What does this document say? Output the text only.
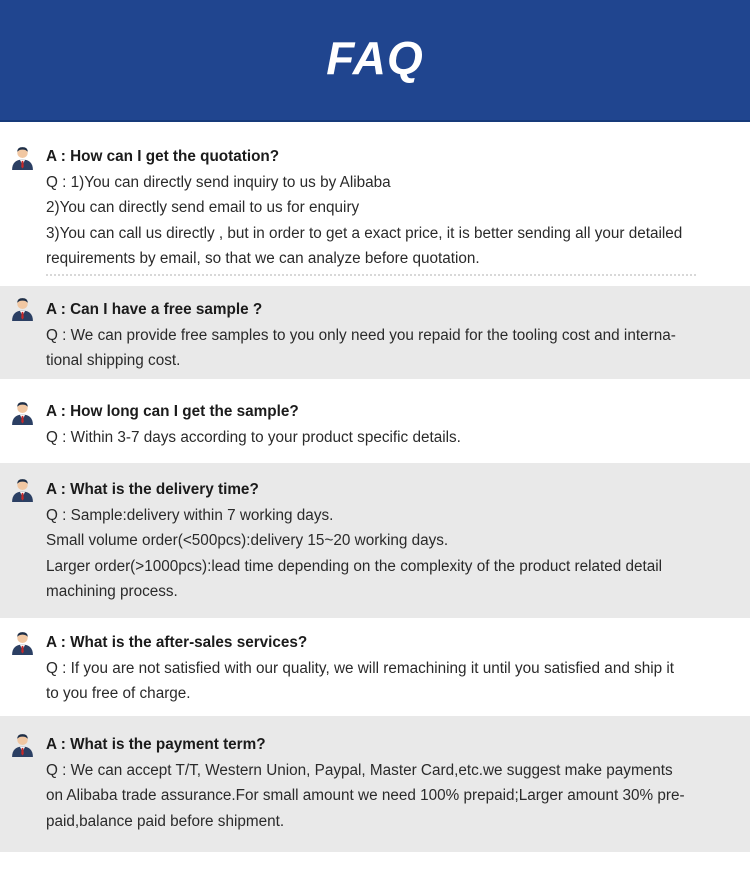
FAQ
A : How can I get the quotation?
Q : 1)You can directly send inquiry to us by Alibaba
2)You can directly send email to us for enquiry
3)You can call us directly , but in order to get a exact price, it is better sending all your detailed
requirements by email, so that we can analyze before quotation.
A : Can I have a free sample ?
Q : We can provide free samples to you only need you repaid for the tooling cost and interna-
tional shipping cost.
A : How long can I get the sample?
Q : Within 3-7 days according to your product specific details.
A : What is the delivery time?
Q : Sample:delivery within 7 working days.
Small volume order(<500pcs):delivery 15~20 working days.
Larger order(>1000pcs):lead time depending on the complexity of the product related detail
machining process.
A : What is the after-sales services?
Q : If you are not satisfied with our quality, we will remachining it until you satisfied and ship it
to you free of charge.
A : What is the payment term?
Q : We can accept T/T, Western Union, Paypal, Master Card,etc.we suggest make payments
on Alibaba trade assurance.For small amount we need 100% prepaid;Larger amount 30% pre-
paid,balance paid before shipment.
